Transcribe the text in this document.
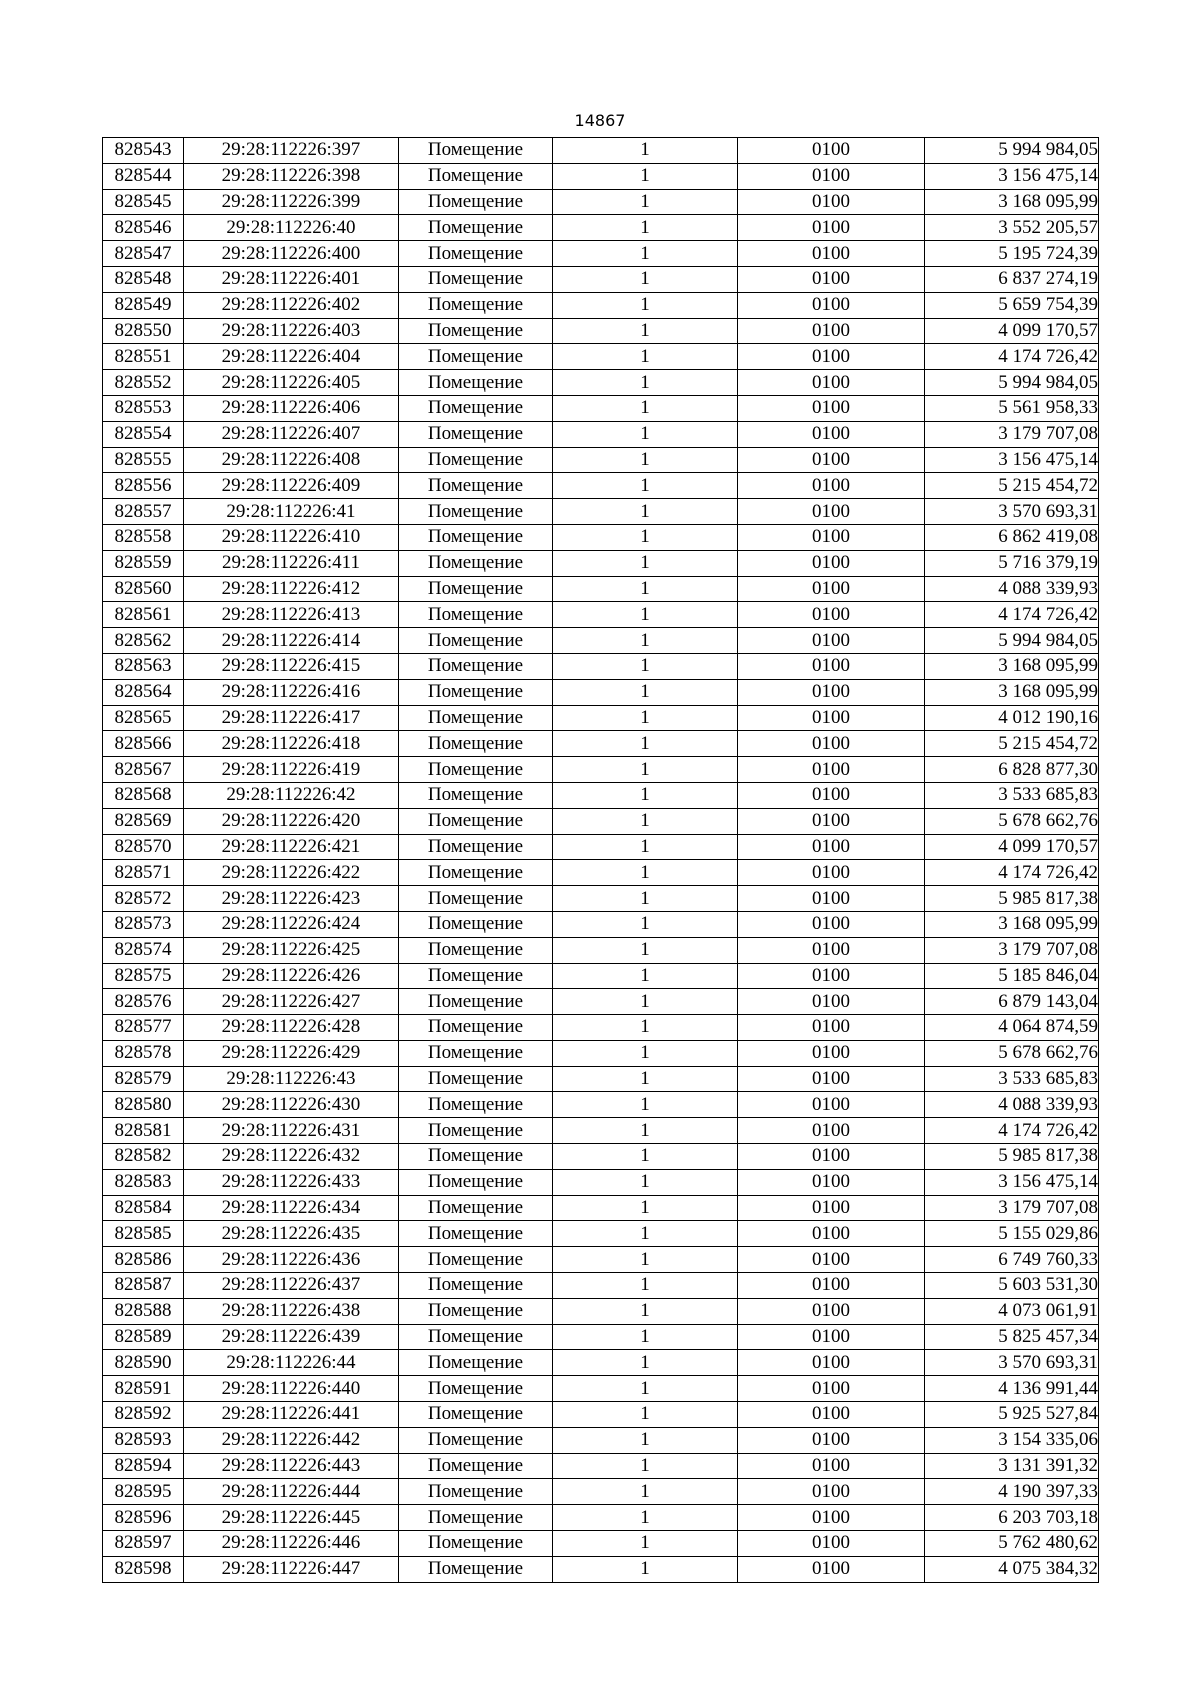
14867
828543	29:28:112226:397	Помещение	1	0100	5 994 984,05
828544	29:28:112226:398	Помещение	1	0100	3 156 475,14
828545	29:28:112226:399	Помещение	1	0100	3 168 095,99
828546	29:28:112226:40	Помещение	1	0100	3 552 205,57
828547	29:28:112226:400	Помещение	1	0100	5 195 724,39
828548	29:28:112226:401	Помещение	1	0100	6 837 274,19
828549	29:28:112226:402	Помещение	1	0100	5 659 754,39
828550	29:28:112226:403	Помещение	1	0100	4 099 170,57
828551	29:28:112226:404	Помещение	1	0100	4 174 726,42
828552	29:28:112226:405	Помещение	1	0100	5 994 984,05
828553	29:28:112226:406	Помещение	1	0100	5 561 958,33
828554	29:28:112226:407	Помещение	1	0100	3 179 707,08
828555	29:28:112226:408	Помещение	1	0100	3 156 475,14
828556	29:28:112226:409	Помещение	1	0100	5 215 454,72
828557	29:28:112226:41	Помещение	1	0100	3 570 693,31
828558	29:28:112226:410	Помещение	1	0100	6 862 419,08
828559	29:28:112226:411	Помещение	1	0100	5 716 379,19
828560	29:28:112226:412	Помещение	1	0100	4 088 339,93
828561	29:28:112226:413	Помещение	1	0100	4 174 726,42
828562	29:28:112226:414	Помещение	1	0100	5 994 984,05
828563	29:28:112226:415	Помещение	1	0100	3 168 095,99
828564	29:28:112226:416	Помещение	1	0100	3 168 095,99
828565	29:28:112226:417	Помещение	1	0100	4 012 190,16
828566	29:28:112226:418	Помещение	1	0100	5 215 454,72
828567	29:28:112226:419	Помещение	1	0100	6 828 877,30
828568	29:28:112226:42	Помещение	1	0100	3 533 685,83
828569	29:28:112226:420	Помещение	1	0100	5 678 662,76
828570	29:28:112226:421	Помещение	1	0100	4 099 170,57
828571	29:28:112226:422	Помещение	1	0100	4 174 726,42
828572	29:28:112226:423	Помещение	1	0100	5 985 817,38
828573	29:28:112226:424	Помещение	1	0100	3 168 095,99
828574	29:28:112226:425	Помещение	1	0100	3 179 707,08
828575	29:28:112226:426	Помещение	1	0100	5 185 846,04
828576	29:28:112226:427	Помещение	1	0100	6 879 143,04
828577	29:28:112226:428	Помещение	1	0100	4 064 874,59
828578	29:28:112226:429	Помещение	1	0100	5 678 662,76
828579	29:28:112226:43	Помещение	1	0100	3 533 685,83
828580	29:28:112226:430	Помещение	1	0100	4 088 339,93
828581	29:28:112226:431	Помещение	1	0100	4 174 726,42
828582	29:28:112226:432	Помещение	1	0100	5 985 817,38
828583	29:28:112226:433	Помещение	1	0100	3 156 475,14
828584	29:28:112226:434	Помещение	1	0100	3 179 707,08
828585	29:28:112226:435	Помещение	1	0100	5 155 029,86
828586	29:28:112226:436	Помещение	1	0100	6 749 760,33
828587	29:28:112226:437	Помещение	1	0100	5 603 531,30
828588	29:28:112226:438	Помещение	1	0100	4 073 061,91
828589	29:28:112226:439	Помещение	1	0100	5 825 457,34
828590	29:28:112226:44	Помещение	1	0100	3 570 693,31
828591	29:28:112226:440	Помещение	1	0100	4 136 991,44
828592	29:28:112226:441	Помещение	1	0100	5 925 527,84
828593	29:28:112226:442	Помещение	1	0100	3 154 335,06
828594	29:28:112226:443	Помещение	1	0100	3 131 391,32
828595	29:28:112226:444	Помещение	1	0100	4 190 397,33
828596	29:28:112226:445	Помещение	1	0100	6 203 703,18
828597	29:28:112226:446	Помещение	1	0100	5 762 480,62
828598	29:28:112226:447	Помещение	1	0100	4 075 384,32
